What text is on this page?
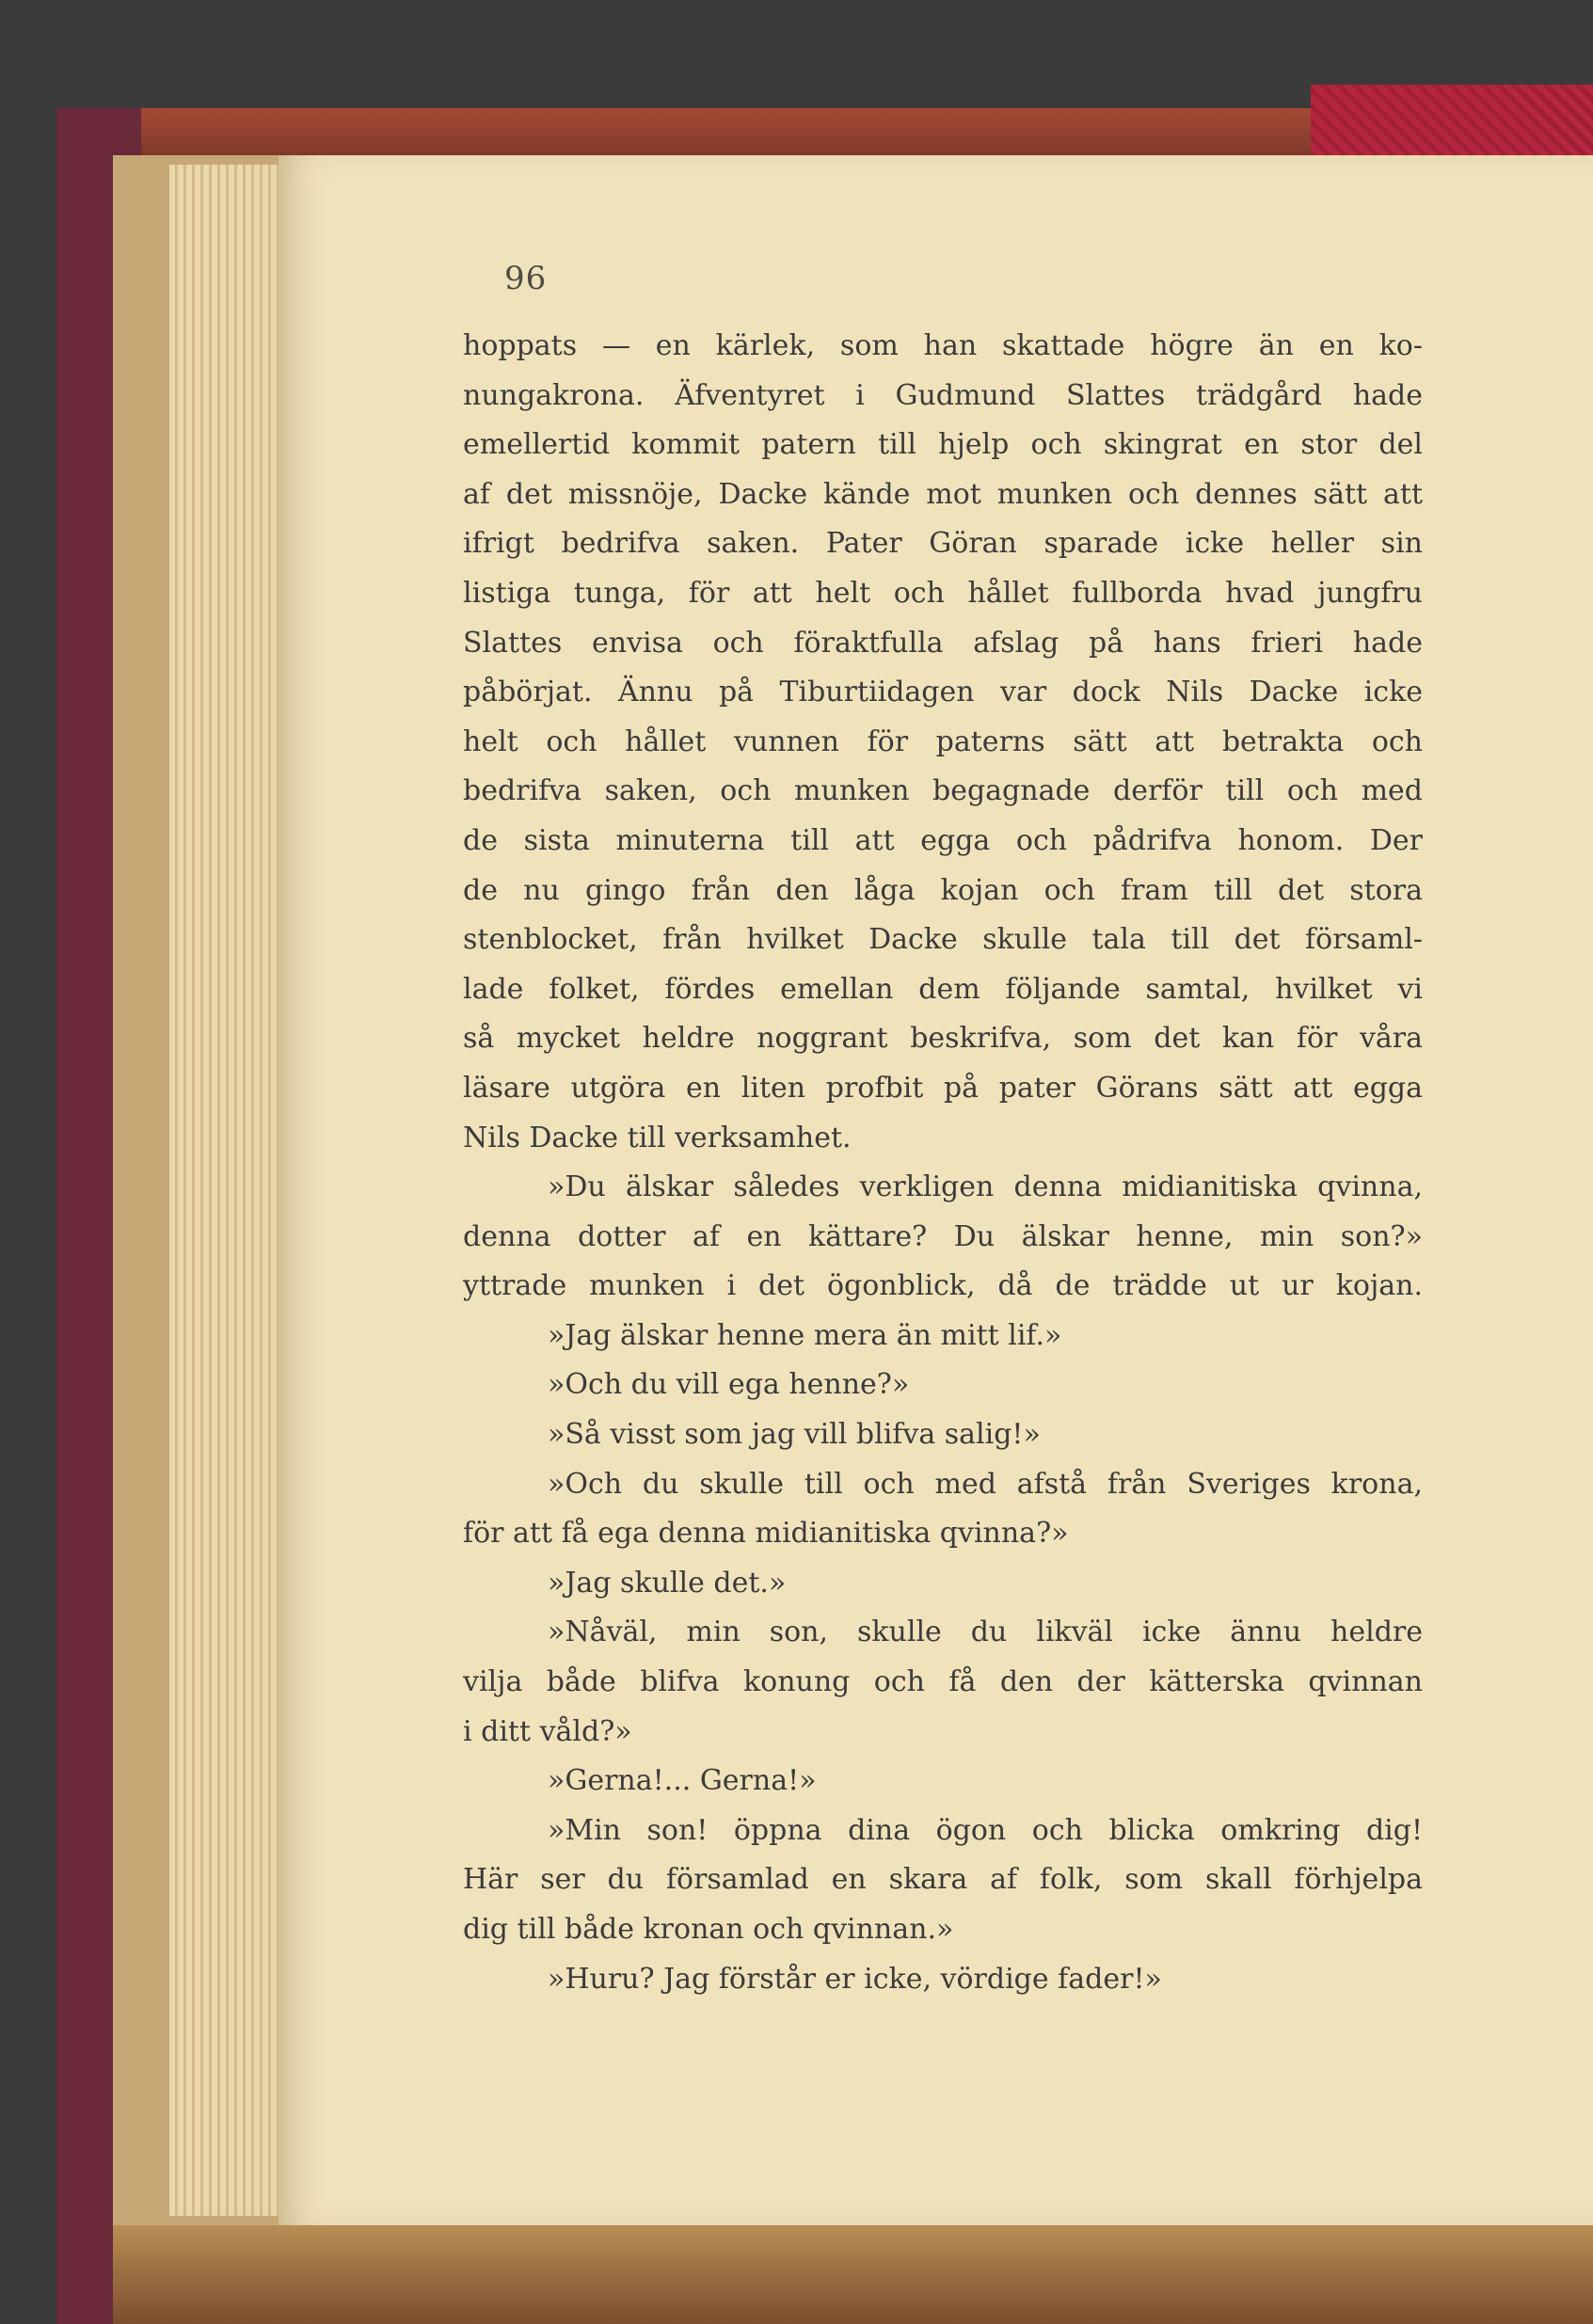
96
hoppats — en kärlek, som han skattade högre än en ko-
nungakrona. Äfventyret i Gudmund Slattes trädgård hade
emellertid kommit patern till hjelp och skingrat en stor del
af det missnöje, Dacke kände mot munken och dennes sätt att
ifrigt bedrifva saken. Pater Göran sparade icke heller sin
listiga tunga, för att helt och hållet fullborda hvad jungfru
Slattes envisa och föraktfulla afslag på hans frieri hade
påbörjat. Ännu på Tiburtiidagen var dock Nils Dacke icke
helt och hållet vunnen för paterns sätt att betrakta och
bedrifva saken, och munken begagnade derför till och med
de sista minuterna till att egga och pådrifva honom. Der
de nu gingo från den låga kojan och fram till det stora
stenblocket, från hvilket Dacke skulle tala till det församl-
lade folket, fördes emellan dem följande samtal, hvilket vi
så mycket heldre noggrant beskrifva, som det kan för våra
läsare utgöra en liten profbit på pater Görans sätt att egga
Nils Dacke till verksamhet.
»Du älskar således verkligen denna midianitiska qvinna,
denna dotter af en kättare? Du älskar henne, min son?»
yttrade munken i det ögonblick, då de trädde ut ur kojan.
»Jag älskar henne mera än mitt lif.»
»Och du vill ega henne?»
»Så visst som jag vill blifva salig!»
»Och du skulle till och med afstå från Sveriges krona,
för att få ega denna midianitiska qvinna?»
»Jag skulle det.»
»Nåväl, min son, skulle du likväl icke ännu heldre
vilja både blifva konung och få den der kätterska qvinnan
i ditt våld?»
»Gerna!... Gerna!»
»Min son! öppna dina ögon och blicka omkring dig!
Här ser du församlad en skara af folk, som skall förhjelpa
dig till både kronan och qvinnan.»
»Huru? Jag förstår er icke, vördige fader!»
